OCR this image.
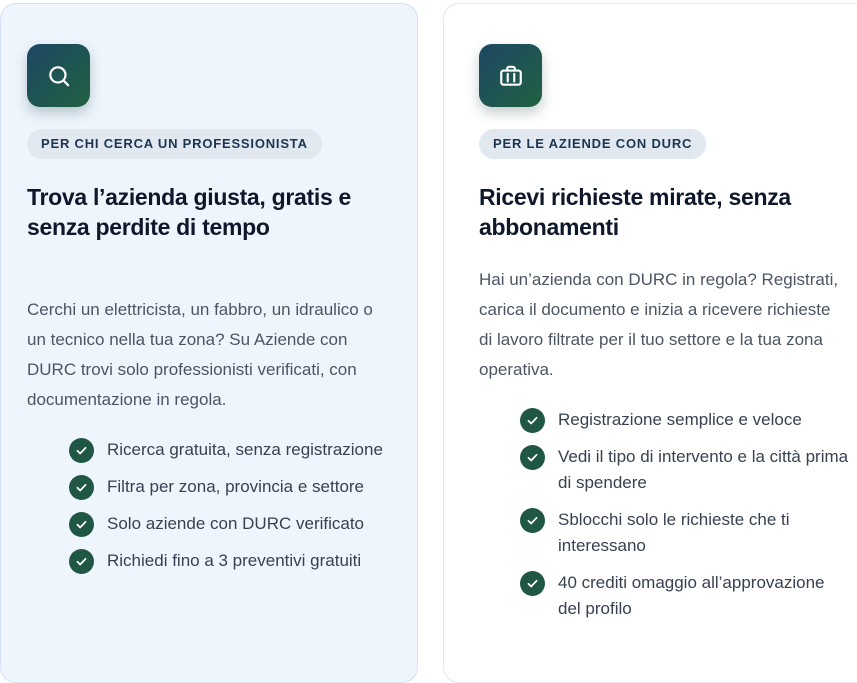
PER CHI CERCA UN PROFESSIONISTA
Trova l’azienda giusta, gratis e senza perdite di tempo

Cerchi un elettricista, un fabbro, un idraulico o un tecnico nella tua zona? Su Aziende con DURC trovi solo professionisti verificati, con documentazione in regola.

Ricerca gratuita, senza registrazione
Filtra per zona, provincia e settore
Solo aziende con DURC verificato
Richiedi fino a 3 preventivi gratuiti
PER LE AZIENDE CON DURC
Ricevi richieste mirate, senza abbonamenti

Hai un’azienda con DURC in regola? Registrati, carica il documento e inizia a ricevere richieste di lavoro filtrate per il tuo settore e la tua zona operativa.

Registrazione semplice e veloce
Vedi il tipo di intervento e la città prima di spendere
Sblocchi solo le richieste che ti interessano
40 crediti omaggio all’approvazione del profilo
